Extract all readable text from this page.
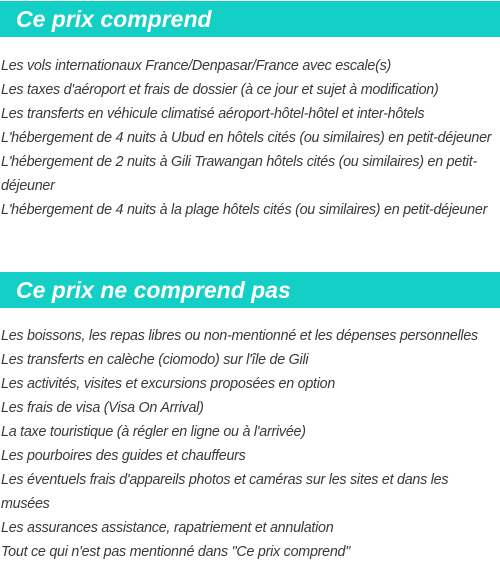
Ce prix comprend
Les vols internationaux France/Denpasar/France avec escale(s)
Les taxes d'aéroport et frais de dossier (à ce jour et sujet à modification)
Les transferts en véhicule climatisé aéroport-hôtel-hôtel et inter-hôtels
L'hébergement de 4 nuits à Ubud en hôtels cités (ou similaires) en petit-déjeuner
L'hébergement de 2 nuits à Gili Trawangan hôtels cités (ou similaires) en petit-déjeuner
L'hébergement de 4 nuits à la plage hôtels cités (ou similaires) en petit-déjeuner
Ce prix ne comprend pas
Les boissons, les repas libres ou non-mentionné et les dépenses personnelles
Les transferts en calèche (ciomodo) sur l'île de Gili
Les activités, visites et excursions proposées en option
Les frais de visa (Visa On Arrival)
La taxe touristique (à régler en ligne ou à l'arrivée)
Les pourboires des guides et chauffeurs
Les éventuels frais d'appareils photos et caméras sur les sites et dans les musées
Les assurances assistance, rapatriement et annulation
Tout ce qui n'est pas mentionné dans "Ce prix comprend"
